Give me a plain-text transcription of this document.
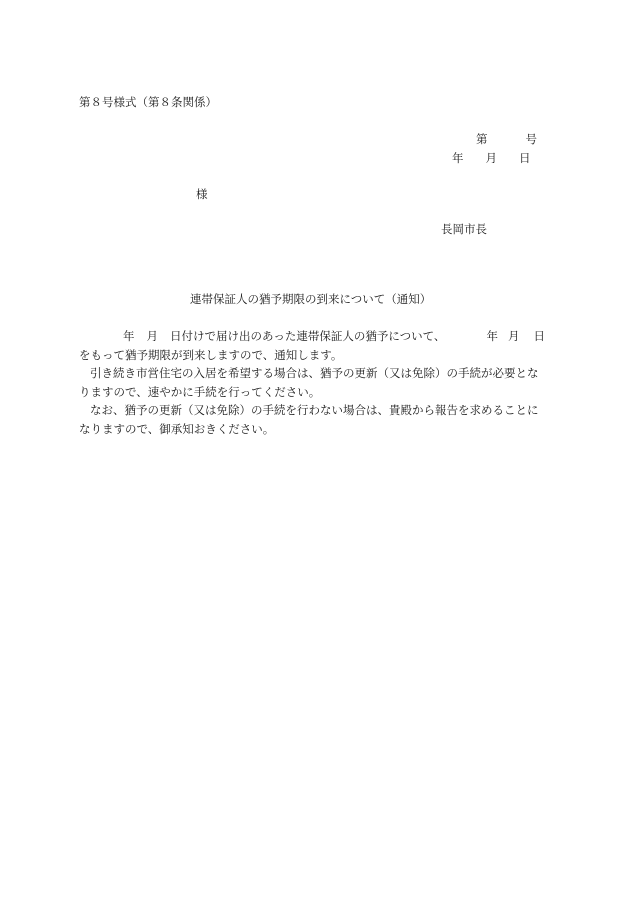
第８号様式（第８条関係）

第	号

年 月 日

様

長岡市長

連帯保証人の猶予期限の到来について（通知）

年 月 日付けで届け出のあった連帯保証人の猶予について、	年 月 日

をもって猶予期限が到来しますので、通知します。

引き続き市営住宅の入居を希望する場合は、猶予の更新（又は免除）の手続が必要とな

りますので、速やかに手続を行ってください。

なお、猶予の更新（又は免除）の手続を行わない場合は、貴殿から報告を求めることに

なりますので、御承知おきください。
